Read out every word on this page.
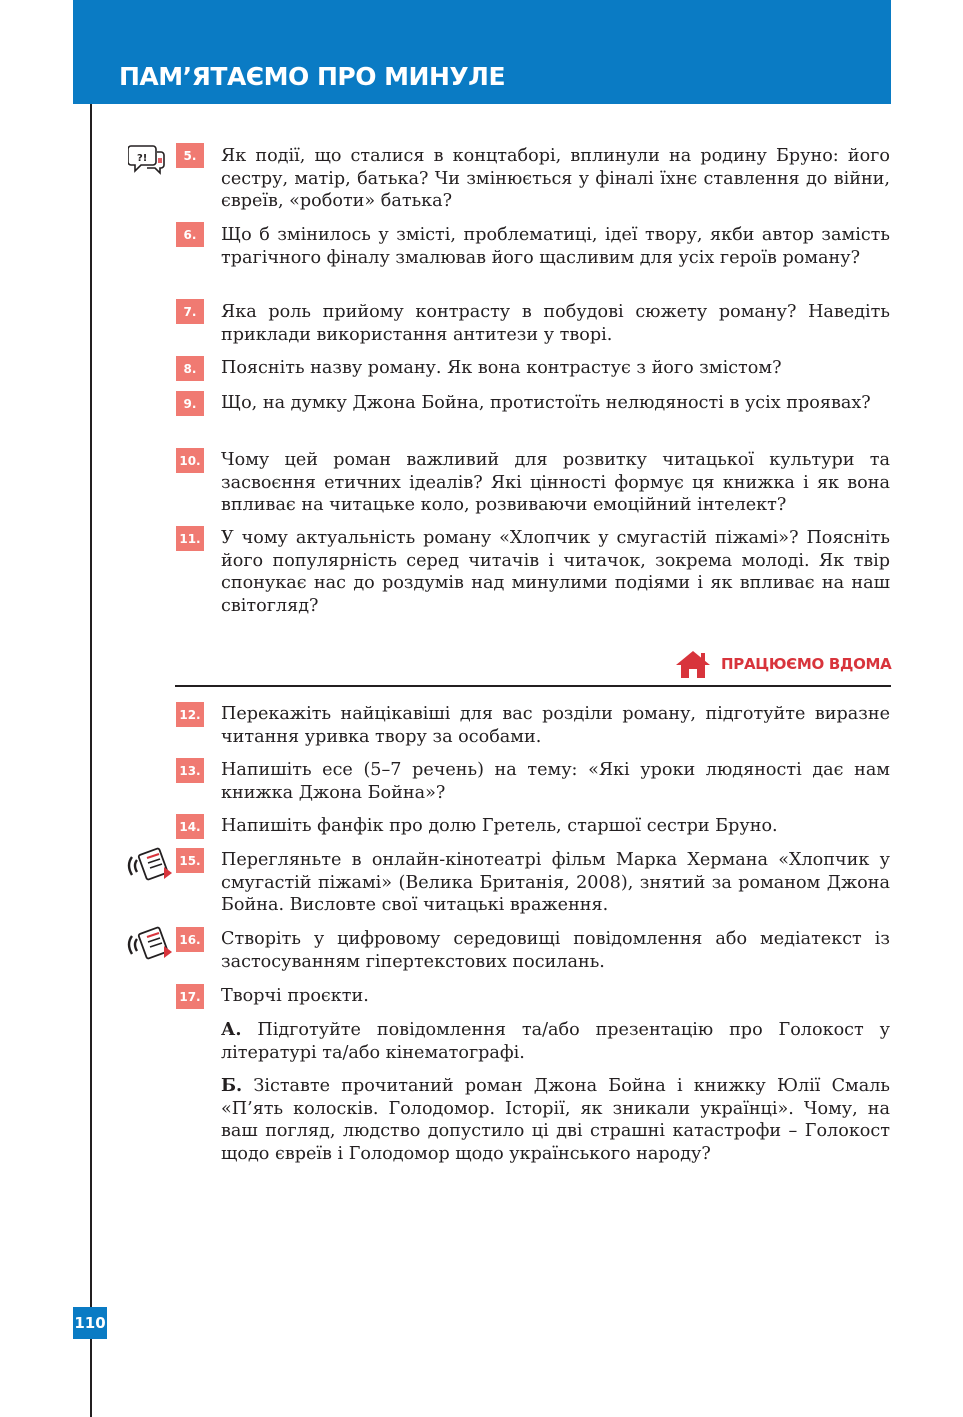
ПАМ’ЯТАЄМО ПРО МИНУЛЕ
?!	5.	Як події, що сталися в концтаборі, вплинули на родину Бруно: його сестру, матір, батька? Чи змінюється у фіналі їхнє ставлення до війни, євреїв, «роботи» батька?
6.	Що б змінилось у змісті, проблематиці, ідеї твору, якби автор замість трагічного фіналу змалював його щасливим для усіх героїв роману?
7.	Яка роль прийому контрасту в побудові сюжету роману? Наведіть приклади використання антитези у творі.
8.	Поясніть назву роману. Як вона контрастує з його змістом?
9.	Що, на думку Джона Бойна, протистоїть нелюдяності в усіх проявах?
10. Чому цей роман важливий для розвитку читацької культури та засвоєння етичних ідеалів? Які цінності формує ця книжка і як вона впливає на читацьке коло, розвиваючи емоційний інтелект?
11. У чому актуальність роману «Хлопчик у смугастій піжамі»? Поясніть його популярність серед читачів і читачок, зокрема молоді. Як твір спонукає нас до роздумів над минулими подіями і як впливає на наш світогляд?
ПРАЦЮЄМО ВДОМА
12. Перекажіть найцікавіші для вас розділи роману, підготуйте виразне читання уривка твору за особами.
13. Напишіть есе (5–7 речень) на тему: «Які уроки людяності дає нам книжка Джона Бойна»?
14. Напишіть фанфік про долю Гретель, старшої сестри Бруно.
15. Перегляньте в онлайн-кінотеатрі фільм Марка Хермана «Хлопчик у смугастій піжамі» (Велика Британія, 2008), знятий за романом Джона Бойна. Висловте свої читацькі враження.
16. Створіть у цифровому середовищі повідомлення або медіатекст із застосуванням гіпертекстових посилань.
17. Творчі проєкти.
А. Підготуйте повідомлення та/або презентацію про Голокост у літературі та/або кінематографі.
Б. Зіставте прочитаний роман Джона Бойна і книжку Юлії Смаль «П’ять колосків. Голодомор. Історії, як зникали українці». Чому, на ваш погляд, людство допустило ці дві страшні катастрофи – Голокост щодо євреїв і Голодомор щодо українського народу?
110
